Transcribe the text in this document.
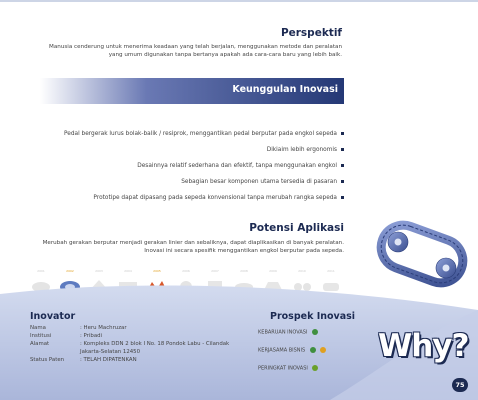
Perspektif
Manusia cenderung untuk menerima keadaan yang telah berjalan, menggunakan metode dan peralatan yang umum digunakan tanpa bertanya apakah ada cara-cara baru yang lebih baik.
Keunggulan Inovasi
Pedal bergerak lurus bolak-balik / resiprok, menggantikan pedal berputar pada engkol sepeda
Dikiaim lebih ergonomis
Desainnya relatif sederhana dan efektif, tanpa menggunakan engkol
Sebagian besar komponen utama tersedia di pasaran
Prototipe dapat dipasang pada sepeda konvensional tanpa merubah rangka sepeda
Potensi Aplikasi
Merubah gerakan berputar menjadi gerakan linier dan sebaliknya, dapat diaplikasikan di banyak peralatan. Inovasi ini secara spesifik menggantikan engkol berputar pada sepeda.
2001	2002	2003	2004	2005	2006	2007	2008	2009	2010	2011
Inovator
Nama	: Heru Machruzar
Institusi	: Pribadi
Alamat	: Kompleks DDN 2 blok I No. 18 Pondok Labu - Cilandak
Jakarta-Selatan 12450
Status Paten	: TELAH DIPATENKAN
Prospek Inovasi
KEBARUAN INOVASI
KERJASAMA BISNIS
PERINGKAT INOVASI
Why?
75
